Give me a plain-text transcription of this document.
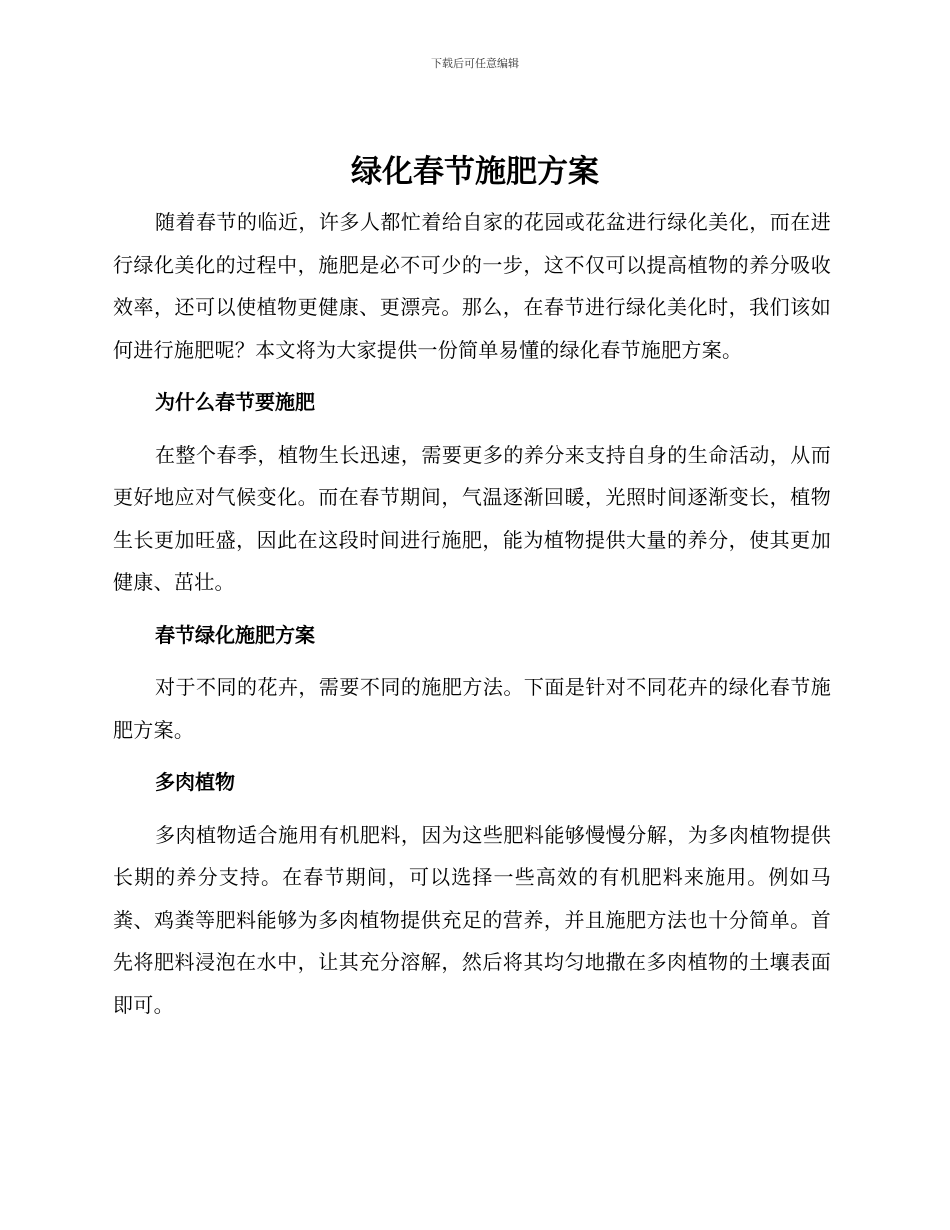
下载后可任意编辑
绿化春节施肥方案

随着春节的临近，许多人都忙着给自家的花园或花盆进行绿化美化，而在进行绿化美化的过程中，施肥是必不可少的一步，这不仅可以提高植物的养分吸收效率，还可以使植物更健康、更漂亮。那么，在春节进行绿化美化时，我们该如何进行施肥呢？本文将为大家提供一份简单易懂的绿化春节施肥方案。

为什么春节要施肥

在整个春季，植物生长迅速，需要更多的养分来支持自身的生命活动，从而更好地应对气候变化。而在春节期间，气温逐渐回暖，光照时间逐渐变长，植物生长更加旺盛，因此在这段时间进行施肥，能为植物提供大量的养分，使其更加健康、茁壮。

春节绿化施肥方案

对于不同的花卉，需要不同的施肥方法。下面是针对不同花卉的绿化春节施肥方案。

多肉植物

多肉植物适合施用有机肥料，因为这些肥料能够慢慢分解，为多肉植物提供长期的养分支持。在春节期间，可以选择一些高效的有机肥料来施用。例如马粪、鸡粪等肥料能够为多肉植物提供充足的营养，并且施肥方法也十分简单。首先将肥料浸泡在水中，让其充分溶解，然后将其均匀地撒在多肉植物的土壤表面即可。
